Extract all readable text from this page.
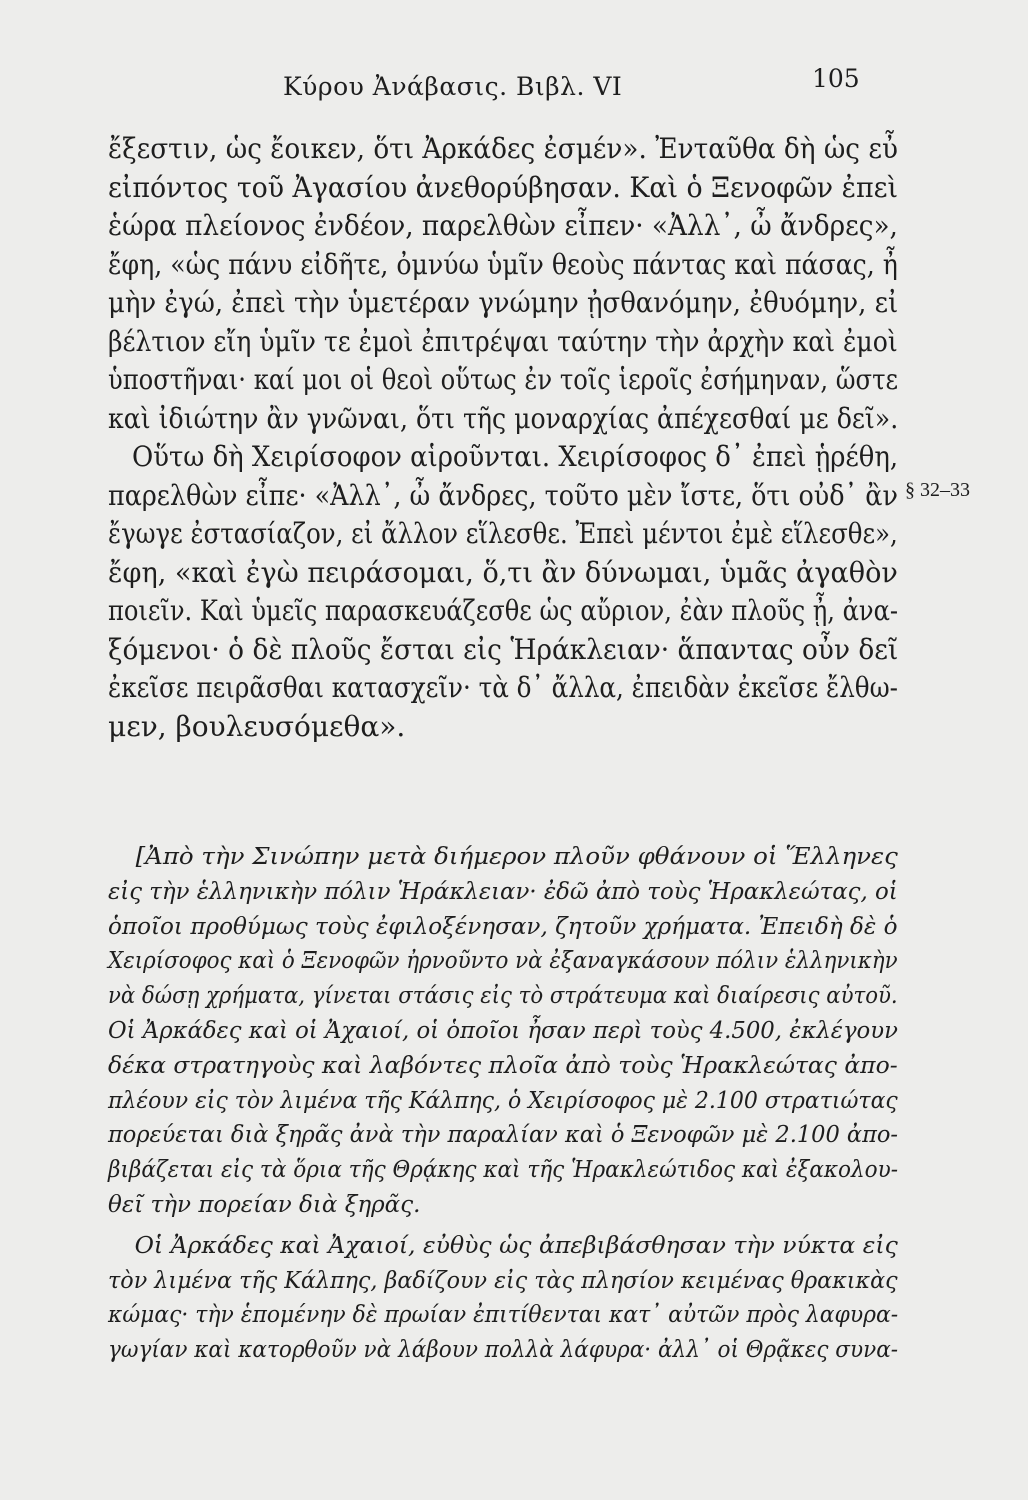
Κύρου Ἀνάβασις. Βιβλ. VI	105
ἔξεστιν, ὡς ἔοικεν, ὅτι Ἀρκάδες ἐσμέν». Ἐνταῦθα δὴ ὡς εὖ
εἰπόντος τοῦ Ἀγασίου ἀνεθορύβησαν. Καὶ ὁ Ξενοφῶν ἐπεὶ
ἑώρα πλείονος ἐνδέον, παρελθὼν εἶπεν· «Ἀλλ᾽, ὦ ἄνδρες»,
ἔφη, «ὡς πάνυ εἰδῆτε, ὀμνύω ὑμῖν θεοὺς πάντας καὶ πάσας, ἦ
μὴν ἐγώ, ἐπεὶ τὴν ὑμετέραν γνώμην ᾐσθανόμην, ἐθυόμην, εἰ
βέλτιον εἴη ὑμῖν τε ἐμοὶ ἐπιτρέψαι ταύτην τὴν ἀρχὴν καὶ ἐμοὶ
ὑποστῆναι· καί μοι οἱ θεοὶ οὕτως ἐν τοῖς ἱεροῖς ἐσήμηναν, ὥστε
καὶ ἰδιώτην ἂν γνῶναι, ὅτι τῆς μοναρχίας ἀπέχεσθαί με δεῖ».
Οὕτω δὴ Χειρίσοφον αἱροῦνται. Χειρίσοφος δ᾽ ἐπεὶ ᾑρέθη,
παρελθὼν εἶπε· «Ἀλλ᾽, ὦ ἄνδρες, τοῦτο μὲν ἴστε, ὅτι οὐδ᾽ ἂν
ἔγωγε ἐστασίαζον, εἰ ἄλλον εἵλεσθε. Ἐπεὶ μέντοι ἐμὲ εἵλεσθε»,
ἔφη, «καὶ ἐγὼ πειράσομαι, ὅ,τι ἂν δύνωμαι, ὑμᾶς ἀγαθὸν
ποιεῖν. Καὶ ὑμεῖς παρασκευάζεσθε ὡς αὔριον, ἐὰν πλοῦς ᾖ, ἀνα-
ξόμενοι· ὁ δὲ πλοῦς ἔσται εἰς Ἡράκλειαν· ἅπαντας οὖν δεῖ
ἐκεῖσε πειρᾶσθαι κατασχεῖν· τὰ δ᾽ ἄλλα, ἐπειδὰν ἐκεῖσε ἔλθω-
μεν, βουλευσόμεθα».
§ 32–33
[Ἀπὸ τὴν Σινώπην μετὰ διήμερον πλοῦν φθάνουν οἱ Ἕλληνες
εἰς τὴν ἑλληνικὴν πόλιν Ἡράκλειαν· ἐδῶ ἀπὸ τοὺς Ἡρακλεώτας, οἱ
ὁποῖοι προθύμως τοὺς ἐφιλοξένησαν, ζητοῦν χρήματα. Ἐπειδὴ δὲ ὁ
Χειρίσοφος καὶ ὁ Ξενοφῶν ἠρνοῦντο νὰ ἐξαναγκάσουν πόλιν ἑλληνικὴν
νὰ δώσῃ χρήματα, γίνεται στάσις εἰς τὸ στράτευμα καὶ διαίρεσις αὐτοῦ.
Οἱ Ἀρκάδες καὶ οἱ Ἀχαιοί, οἱ ὁποῖοι ἦσαν περὶ τοὺς 4.500, ἐκλέγουν
δέκα στρατηγοὺς καὶ λαβόντες πλοῖα ἀπὸ τοὺς Ἡρακλεώτας ἀπο-
πλέουν εἰς τὸν λιμένα τῆς Κάλπης, ὁ Χειρίσοφος μὲ 2.100 στρατιώτας
πορεύεται διὰ ξηρᾶς ἀνὰ τὴν παραλίαν καὶ ὁ Ξενοφῶν μὲ 2.100 ἀπο-
βιβάζεται εἰς τὰ ὅρια τῆς Θρᾴκης καὶ τῆς Ἡρακλεώτιδος καὶ ἐξακολου-
θεῖ τὴν πορείαν διὰ ξηρᾶς.
Οἱ Ἀρκάδες καὶ Ἀχαιοί, εὐθὺς ὡς ἀπεβιβάσθησαν τὴν νύκτα εἰς
τὸν λιμένα τῆς Κάλπης, βαδίζουν εἰς τὰς πλησίον κειμένας θρακικὰς
κώμας· τὴν ἑπομένην δὲ πρωίαν ἐπιτίθενται κατ᾽ αὐτῶν πρὸς λαφυρα-
γωγίαν καὶ κατορθοῦν νὰ λάβουν πολλὰ λάφυρα· ἀλλ᾽ οἱ Θρᾷκες συνα-
